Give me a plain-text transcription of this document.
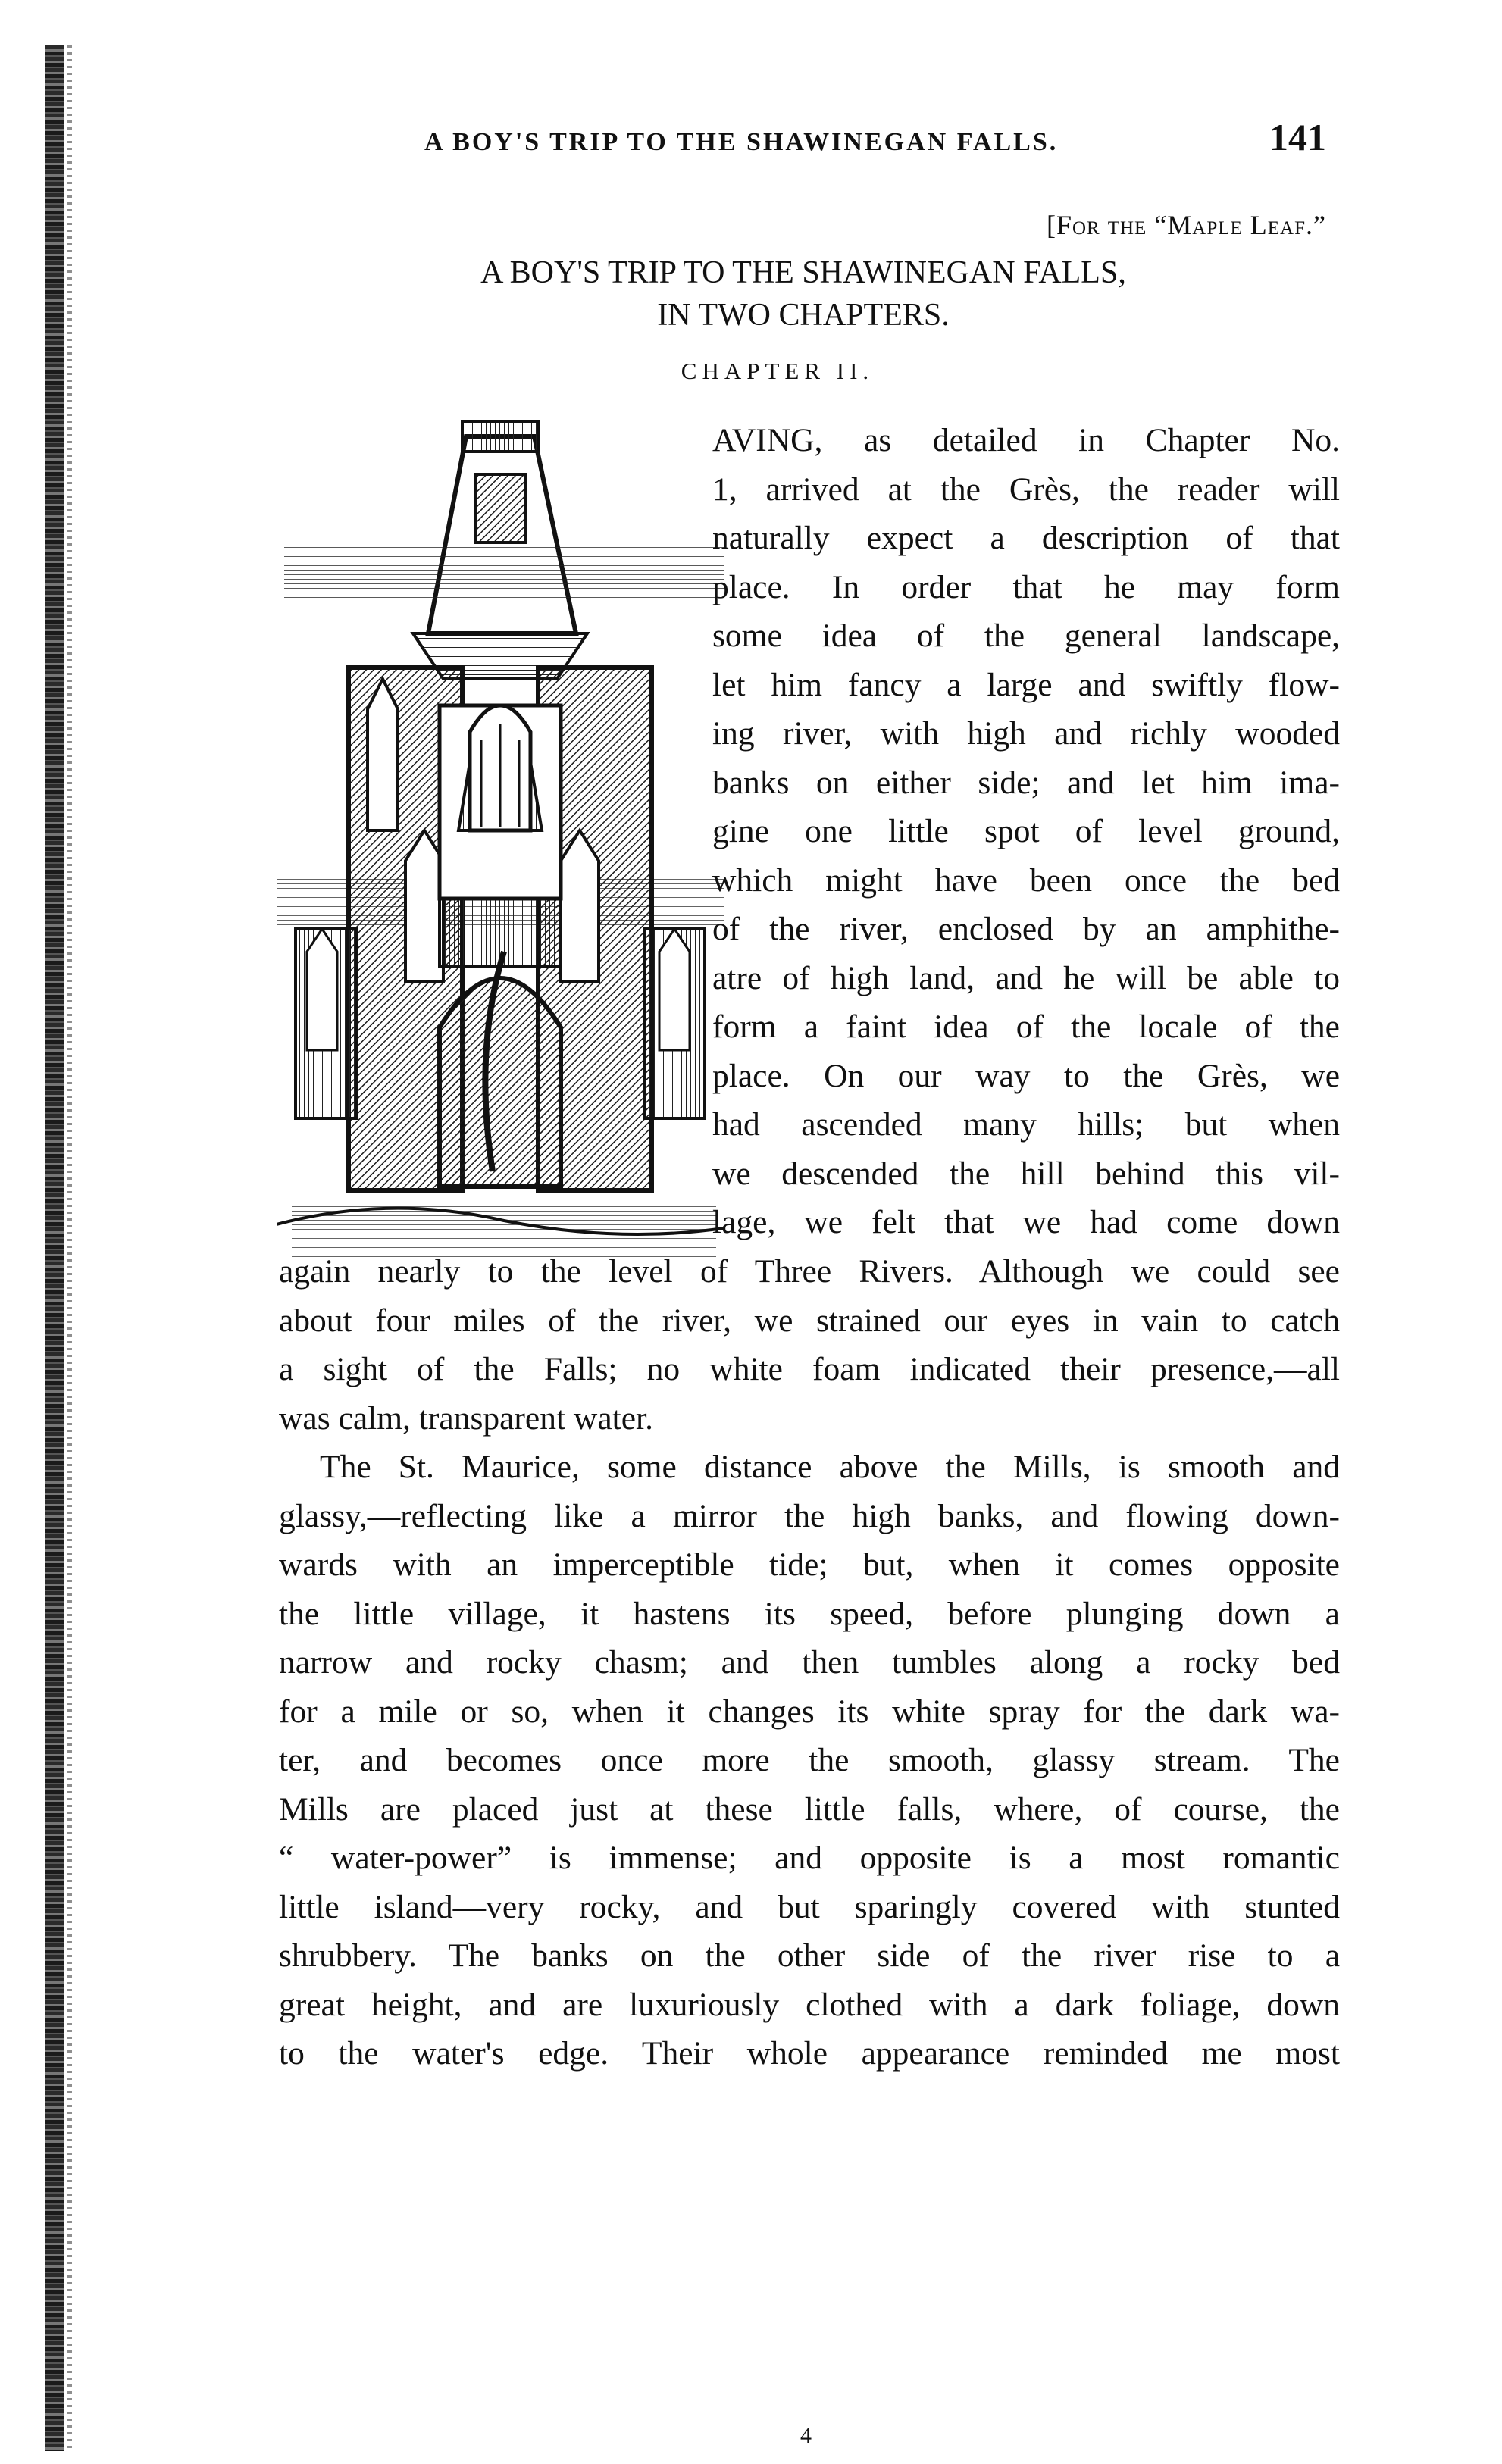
A BOY'S TRIP TO THE SHAWINEGAN FALLS.	141
[For the “Maple Leaf.”
A BOY'S TRIP TO THE SHAWINEGAN FALLS,
IN TWO CHAPTERS.
CHAPTER II.
AVING, as detailed in Chapter No.
1, arrived at the Grès, the reader will
naturally expect a description of that
place. In order that he may form
some idea of the general landscape,
let him fancy a large and swiftly flow-
ing river, with high and richly wooded
banks on either side; and let him ima-
gine one little spot of level ground,
which might have been once the bed
of the river, enclosed by an amphithe-
atre of high land, and he will be able to
form a faint idea of the locale of the
place. On our way to the Grès, we
had ascended many hills; but when
we descended the hill behind this vil-
lage, we felt that we had come down
again nearly to the level of Three Rivers. Although we could see
about four miles of the river, we strained our eyes in vain to catch
a sight of the Falls; no white foam indicated their presence,—all
was calm, transparent water.
The St. Maurice, some distance above the Mills, is smooth and
glassy,—reflecting like a mirror the high banks, and flowing down-
wards with an imperceptible tide; but, when it comes opposite
the little village, it hastens its speed, before plunging down a
narrow and rocky chasm; and then tumbles along a rocky bed
for a mile or so, when it changes its white spray for the dark wa-
ter, and becomes once more the smooth, glassy stream. The
Mills are placed just at these little falls, where, of course, the
“ water-power” is immense; and opposite is a most romantic
little island—very rocky, and but sparingly covered with stunted
shrubbery. The banks on the other side of the river rise to a
great height, and are luxuriously clothed with a dark foliage, down
to the water's edge. Their whole appearance reminded me most
4
